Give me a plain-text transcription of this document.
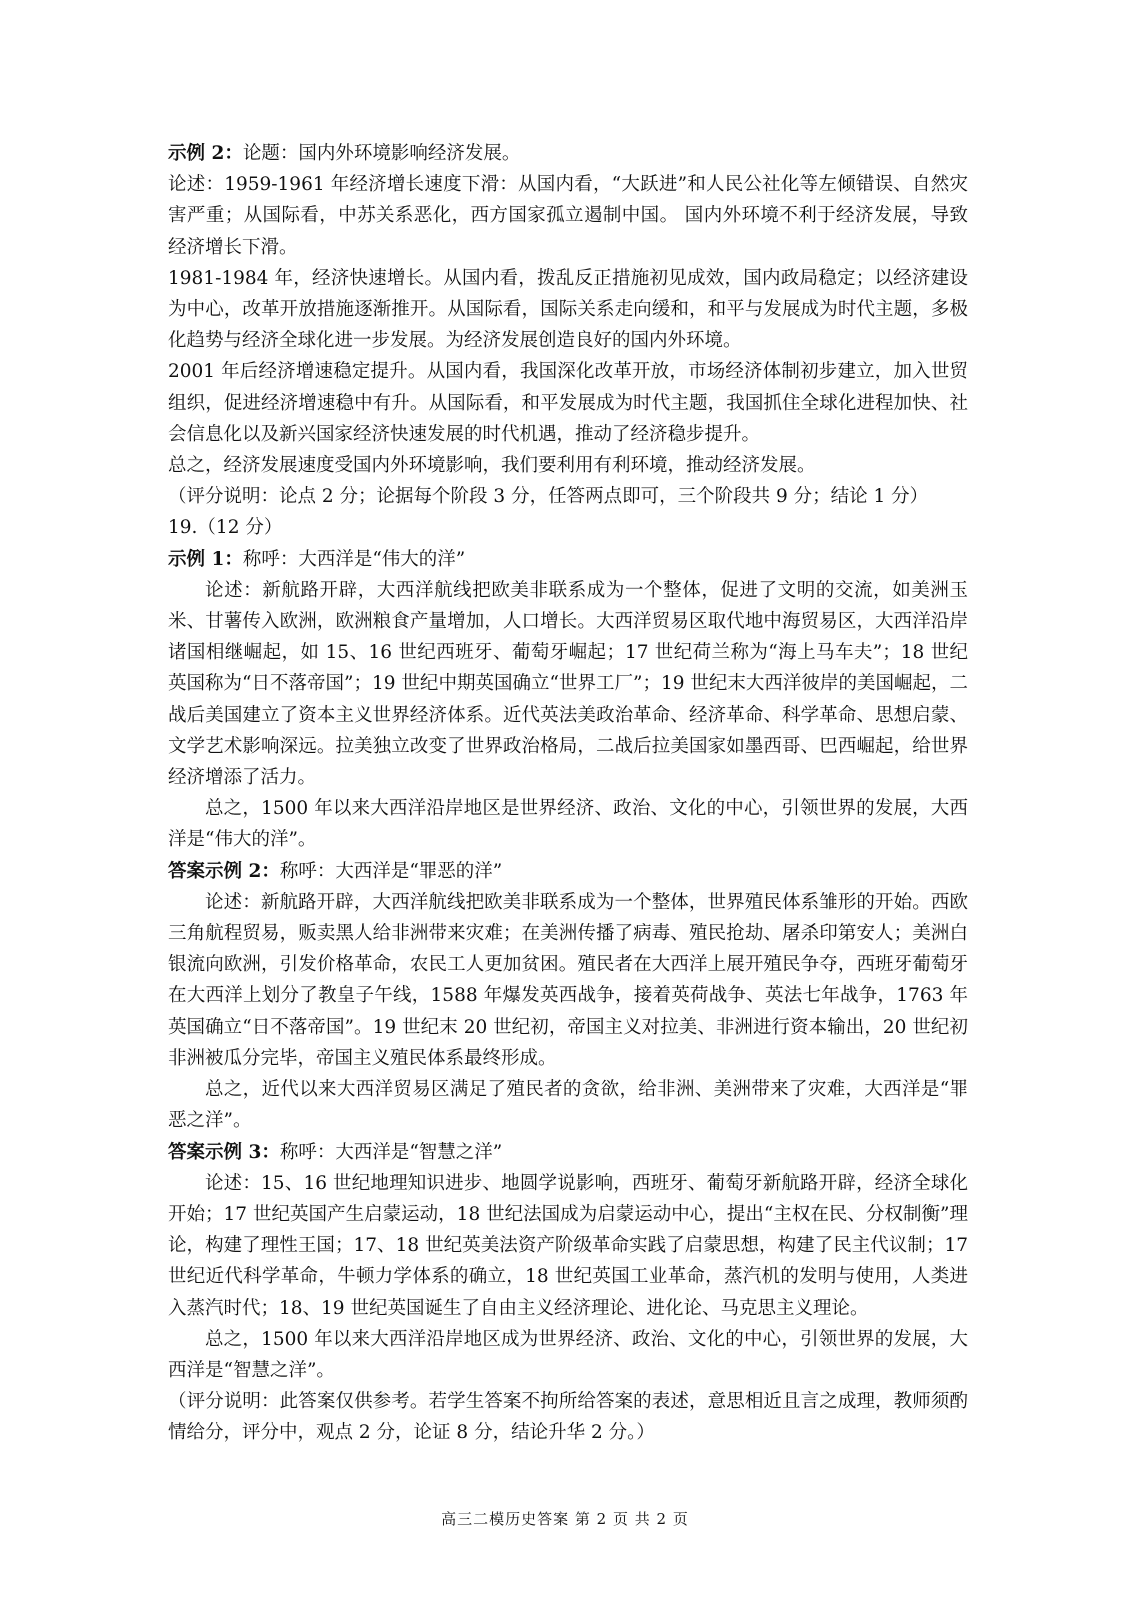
示例 2：论题：国内外环境影响经济发展。

论述：1959-1961 年经济增长速度下滑：从国内看，“大跃进”和人民公社化等左倾错误、自然灾害严重；从国际看，中苏关系恶化，西方国家孤立遏制中国。 国内外环境不利于经济发展，导致经济增长下滑。

1981-1984 年，经济快速增长。从国内看，拨乱反正措施初见成效，国内政局稳定；以经济建设为中心，改革开放措施逐渐推开。从国际看，国际关系走向缓和，和平与发展成为时代主题，多极化趋势与经济全球化进一步发展。为经济发展创造良好的国内外环境。

2001 年后经济增速稳定提升。从国内看，我国深化改革开放，市场经济体制初步建立，加入世贸组织，促进经济增速稳中有升。从国际看，和平发展成为时代主题，我国抓住全球化进程加快、社会信息化以及新兴国家经济快速发展的时代机遇，推动了经济稳步提升。

总之，经济发展速度受国内外环境影响，我们要利用有利环境，推动经济发展。

（评分说明：论点 2 分；论据每个阶段 3 分，任答两点即可，三个阶段共 9 分；结论 1 分）

19.（12 分）

示例 1：称呼：大西洋是“伟大的洋”

论述：新航路开辟，大西洋航线把欧美非联系成为一个整体，促进了文明的交流，如美洲玉米、甘薯传入欧洲，欧洲粮食产量增加，人口增长。大西洋贸易区取代地中海贸易区，大西洋沿岸诸国相继崛起，如 15、16 世纪西班牙、葡萄牙崛起；17 世纪荷兰称为“海上马车夫”；18 世纪英国称为“日不落帝国”；19 世纪中期英国确立“世界工厂”；19 世纪末大西洋彼岸的美国崛起，二战后美国建立了资本主义世界经济体系。近代英法美政治革命、经济革命、科学革命、思想启蒙、文学艺术影响深远。拉美独立改变了世界政治格局，二战后拉美国家如墨西哥、巴西崛起，给世界经济增添了活力。

总之，1500 年以来大西洋沿岸地区是世界经济、政治、文化的中心，引领世界的发展，大西洋是“伟大的洋”。

答案示例 2：称呼：大西洋是“罪恶的洋”

论述：新航路开辟，大西洋航线把欧美非联系成为一个整体，世界殖民体系雏形的开始。西欧三角航程贸易，贩卖黑人给非洲带来灾难；在美洲传播了病毒、殖民抢劫、屠杀印第安人；美洲白银流向欧洲，引发价格革命，农民工人更加贫困。殖民者在大西洋上展开殖民争夺，西班牙葡萄牙在大西洋上划分了教皇子午线，1588 年爆发英西战争，接着英荷战争、英法七年战争，1763 年英国确立“日不落帝国”。19 世纪末 20 世纪初，帝国主义对拉美、非洲进行资本输出，20 世纪初非洲被瓜分完毕，帝国主义殖民体系最终形成。

总之，近代以来大西洋贸易区满足了殖民者的贪欲，给非洲、美洲带来了灾难，大西洋是“罪恶之洋”。

答案示例 3：称呼：大西洋是“智慧之洋”

论述：15、16 世纪地理知识进步、地圆学说影响，西班牙、葡萄牙新航路开辟，经济全球化开始；17 世纪英国产生启蒙运动，18 世纪法国成为启蒙运动中心，提出“主权在民、分权制衡”理论，构建了理性王国；17、18 世纪英美法资产阶级革命实践了启蒙思想，构建了民主代议制；17 世纪近代科学革命，牛顿力学体系的确立，18 世纪英国工业革命，蒸汽机的发明与使用，人类进入蒸汽时代；18、19 世纪英国诞生了自由主义经济理论、进化论、马克思主义理论。

总之，1500 年以来大西洋沿岸地区成为世界经济、政治、文化的中心，引领世界的发展，大西洋是“智慧之洋”。

（评分说明：此答案仅供参考。若学生答案不拘所给答案的表述，意思相近且言之成理，教师须酌情给分，评分中，观点 2 分，论证 8 分，结论升华 2 分。）

高三二模历史答案 第 2 页 共 2 页
